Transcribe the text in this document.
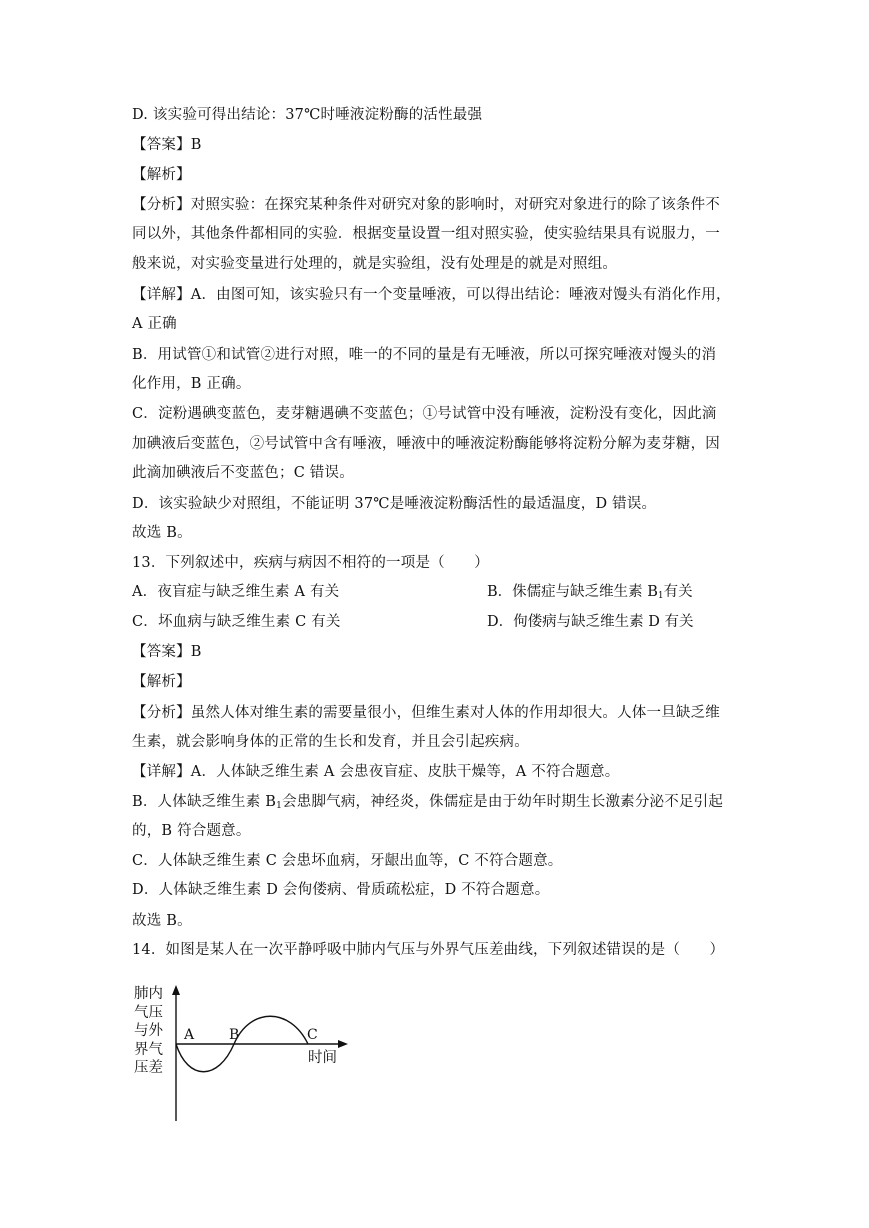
D. 该实验可得出结论：37℃时唾液淀粉酶的活性最强
【答案】B
【解析】
【分析】对照实验：在探究某种条件对研究对象的影响时，对研究对象进行的除了该条件不
同以外，其他条件都相同的实验．根据变量设置一组对照实验，使实验结果具有说服力，一
般来说，对实验变量进行处理的，就是实验组，没有处理是的就是对照组。
【详解】A．由图可知，该实验只有一个变量唾液，可以得出结论：唾液对馒头有消化作用，
A 正确
B．用试管①和试管②进行对照，唯一的不同的量是有无唾液，所以可探究唾液对馒头的消
化作用，B 正确。
C．淀粉遇碘变蓝色，麦芽糖遇碘不变蓝色；①号试管中没有唾液，淀粉没有变化，因此滴
加碘液后变蓝色，②号试管中含有唾液，唾液中的唾液淀粉酶能够将淀粉分解为麦芽糖，因
此滴加碘液后不变蓝色；C 错误。
D．该实验缺少对照组，不能证明 37℃是唾液淀粉酶活性的最适温度，D 错误。
故选 B。
13．下列叙述中，疾病与病因不相符的一项是（　　）
A．夜盲症与缺乏维生素 A 有关	B．侏儒症与缺乏维生素 $B_1$有关
C．坏血病与缺乏维生素 C 有关	D．佝偻病与缺乏维生素 D 有关
【答案】B
【解析】
【分析】虽然人体对维生素的需要量很小，但维生素对人体的作用却很大。人体一旦缺乏维
生素，就会影响身体的正常的生长和发育，并且会引起疾病。
【详解】A．人体缺乏维生素 A 会患夜盲症、皮肤干燥等，A 不符合题意。
B．人体缺乏维生素 $B_1$会患脚气病，神经炎，侏儒症是由于幼年时期生长激素分泌不足引起
的，B 符合题意。
C．人体缺乏维生素 C 会患坏血病，牙龈出血等，C 不符合题意。
D．人体缺乏维生素 D 会佝偻病、骨质疏松症，D 不符合题意。
故选 B。
14．如图是某人在一次平静呼吸中肺内气压与外界气压差曲线，下列叙述错误的是（　　）
肺内气压与外界气压差
A B	C
时间
